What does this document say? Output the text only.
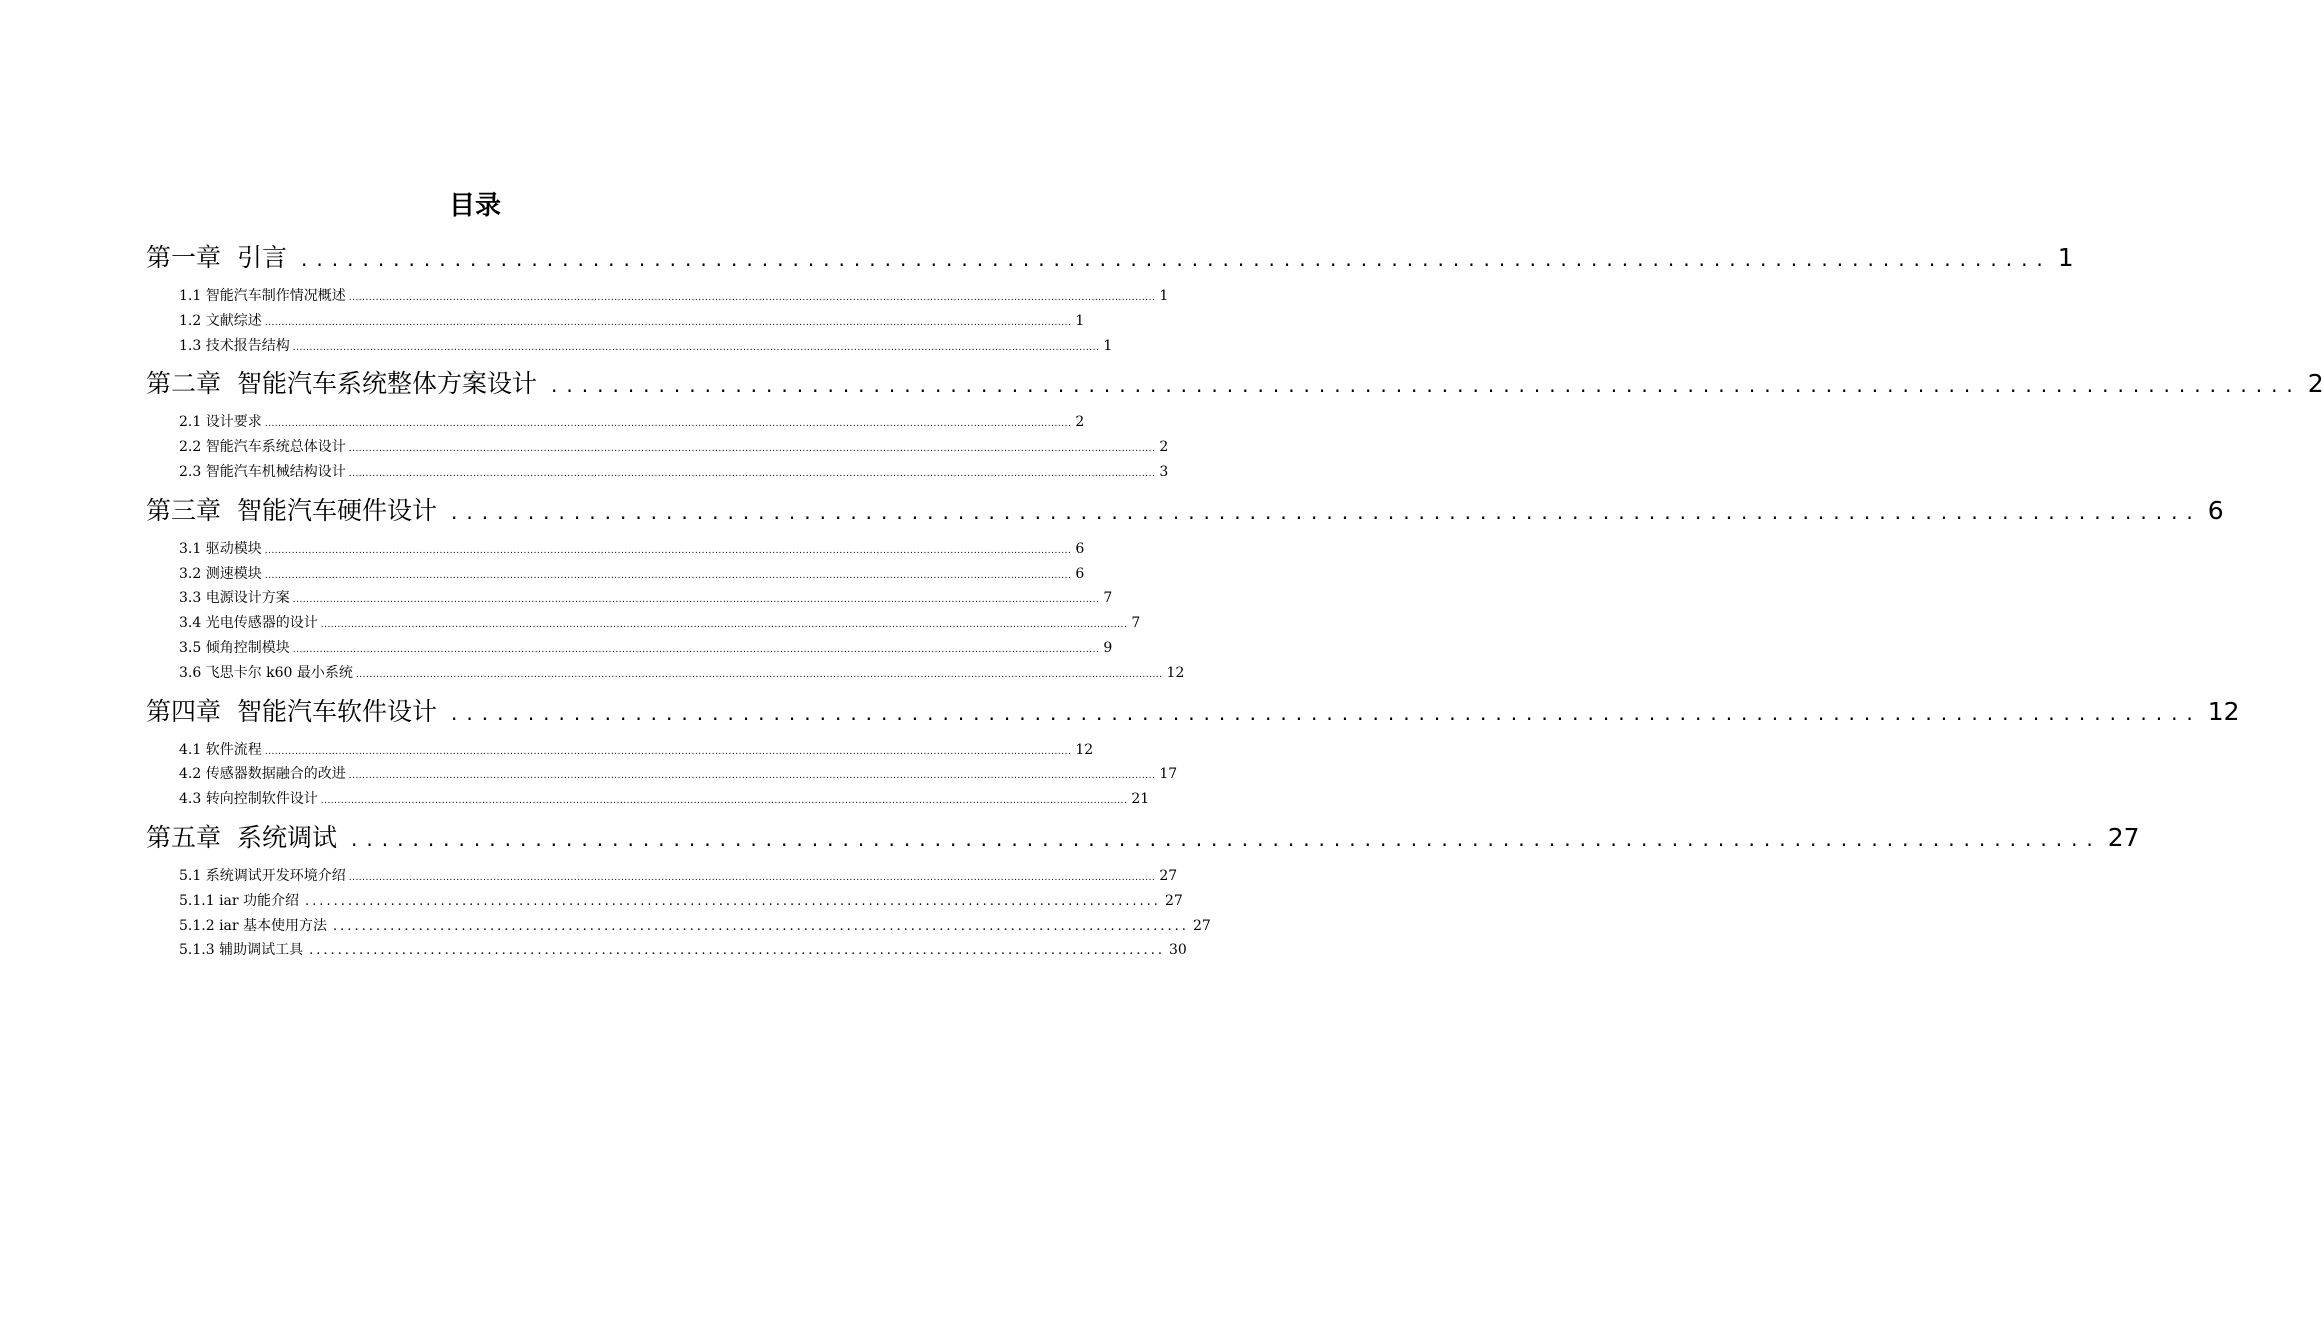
目录
第一章 引言 .................................................................................................................. 1
1.1 智能汽车制作情况概述 ................................................................................................................................................................................................................................................ 1
1.2 文献综述 ................................................................................................................................................................................................................................................ 1
1.3 技术报告结构 ................................................................................................................................................................................................................................................ 1
第二章 智能汽车系统整体方案设计 .................................................................................................................. 2
2.1 设计要求 ................................................................................................................................................................................................................................................ 2
2.2 智能汽车系统总体设计 ................................................................................................................................................................................................................................................ 2
2.3 智能汽车机械结构设计 ................................................................................................................................................................................................................................................ 3
第三章 智能汽车硬件设计 .................................................................................................................. 6
3.1 驱动模块 ................................................................................................................................................................................................................................................ 6
3.2 测速模块 ................................................................................................................................................................................................................................................ 6
3.3 电源设计方案 ................................................................................................................................................................................................................................................ 7
3.4 光电传感器的设计 ................................................................................................................................................................................................................................................ 7
3.5 倾角控制模块 ................................................................................................................................................................................................................................................ 9
3.6 飞思卡尔 k60 最小系统 ................................................................................................................................................................................................................................................ 12
第四章 智能汽车软件设计 .................................................................................................................. 12
4.1 软件流程 ................................................................................................................................................................................................................................................ 12
4.2 传感器数据融合的改进 ................................................................................................................................................................................................................................................ 17
4.3 转向控制软件设计 ................................................................................................................................................................................................................................................ 21
第五章 系统调试 .................................................................................................................. 27
5.1 系统调试开发环境介绍 ................................................................................................................................................................................................................................................ 27
5.1.1 iar 功能介绍 ........................................................................................................................ 27
5.1.2 iar 基本使用方法 ........................................................................................................................ 27
5.1.3 辅助调试工具 ........................................................................................................................ 30
